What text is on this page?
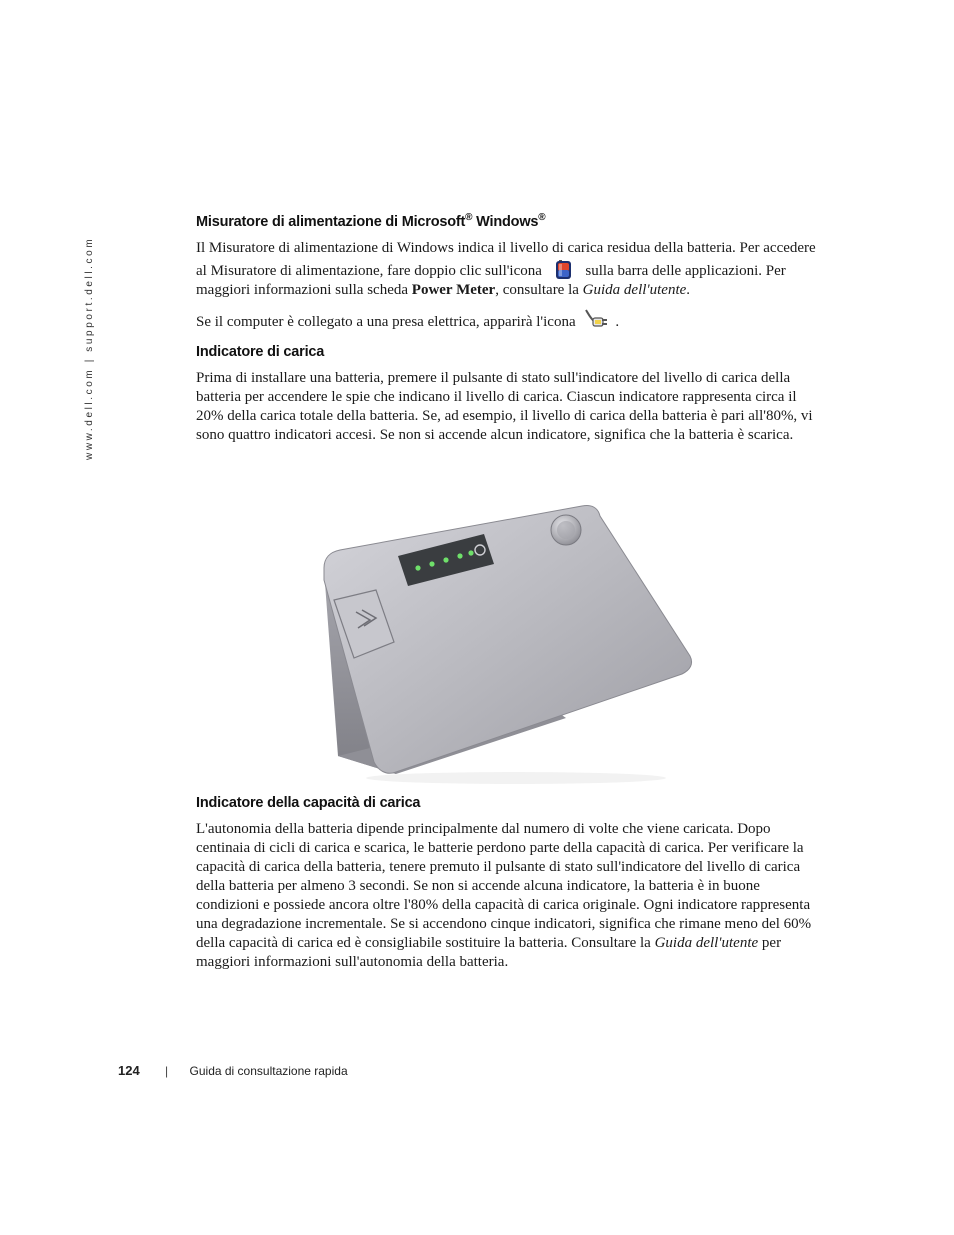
www.dell.com | support.dell.com
Misuratore di alimentazione di Microsoft® Windows®

Il Misuratore di alimentazione di Windows indica il livello di carica residua della batteria. Per accedere al Misuratore di alimentazione, fare doppio clic sull'icona	sulla barra delle applicazioni. Per maggiori informazioni sulla scheda Power Meter, consultare la Guida dell'utente.

Se il computer è collegato a una presa elettrica, apparirà l'icona	.

Indicatore di carica

Prima di installare una batteria, premere il pulsante di stato sull'indicatore del livello di carica della batteria per accendere le spie che indicano il livello di carica. Ciascun indicatore rappresenta circa il 20% della carica totale della batteria. Se, ad esempio, il livello di carica della batteria è pari all'80%, vi sono quattro indicatori accesi. Se non si accende alcun indicatore, significa che la batteria è scarica.

Indicatore della capacità di carica

L'autonomia della batteria dipende principalmente dal numero di volte che viene caricata. Dopo centinaia di cicli di carica e scarica, le batterie perdono parte della capacità di carica. Per verificare la capacità di carica della batteria, tenere premuto il pulsante di stato sull'indicatore del livello di carica della batteria per almeno 3 secondi. Se non si accende alcuna indicatore, la batteria è in buone condizioni e possiede ancora oltre l'80% della capacità di carica originale. Ogni indicatore rappresenta una degradazione incrementale. Se si accendono cinque indicatori, significa che rimane meno del 60% della capacità di carica ed è consigliabile sostituire la batteria. Consultare la Guida dell'utente per maggiori informazioni sull'autonomia della batteria.

124 | Guida di consultazione rapida
